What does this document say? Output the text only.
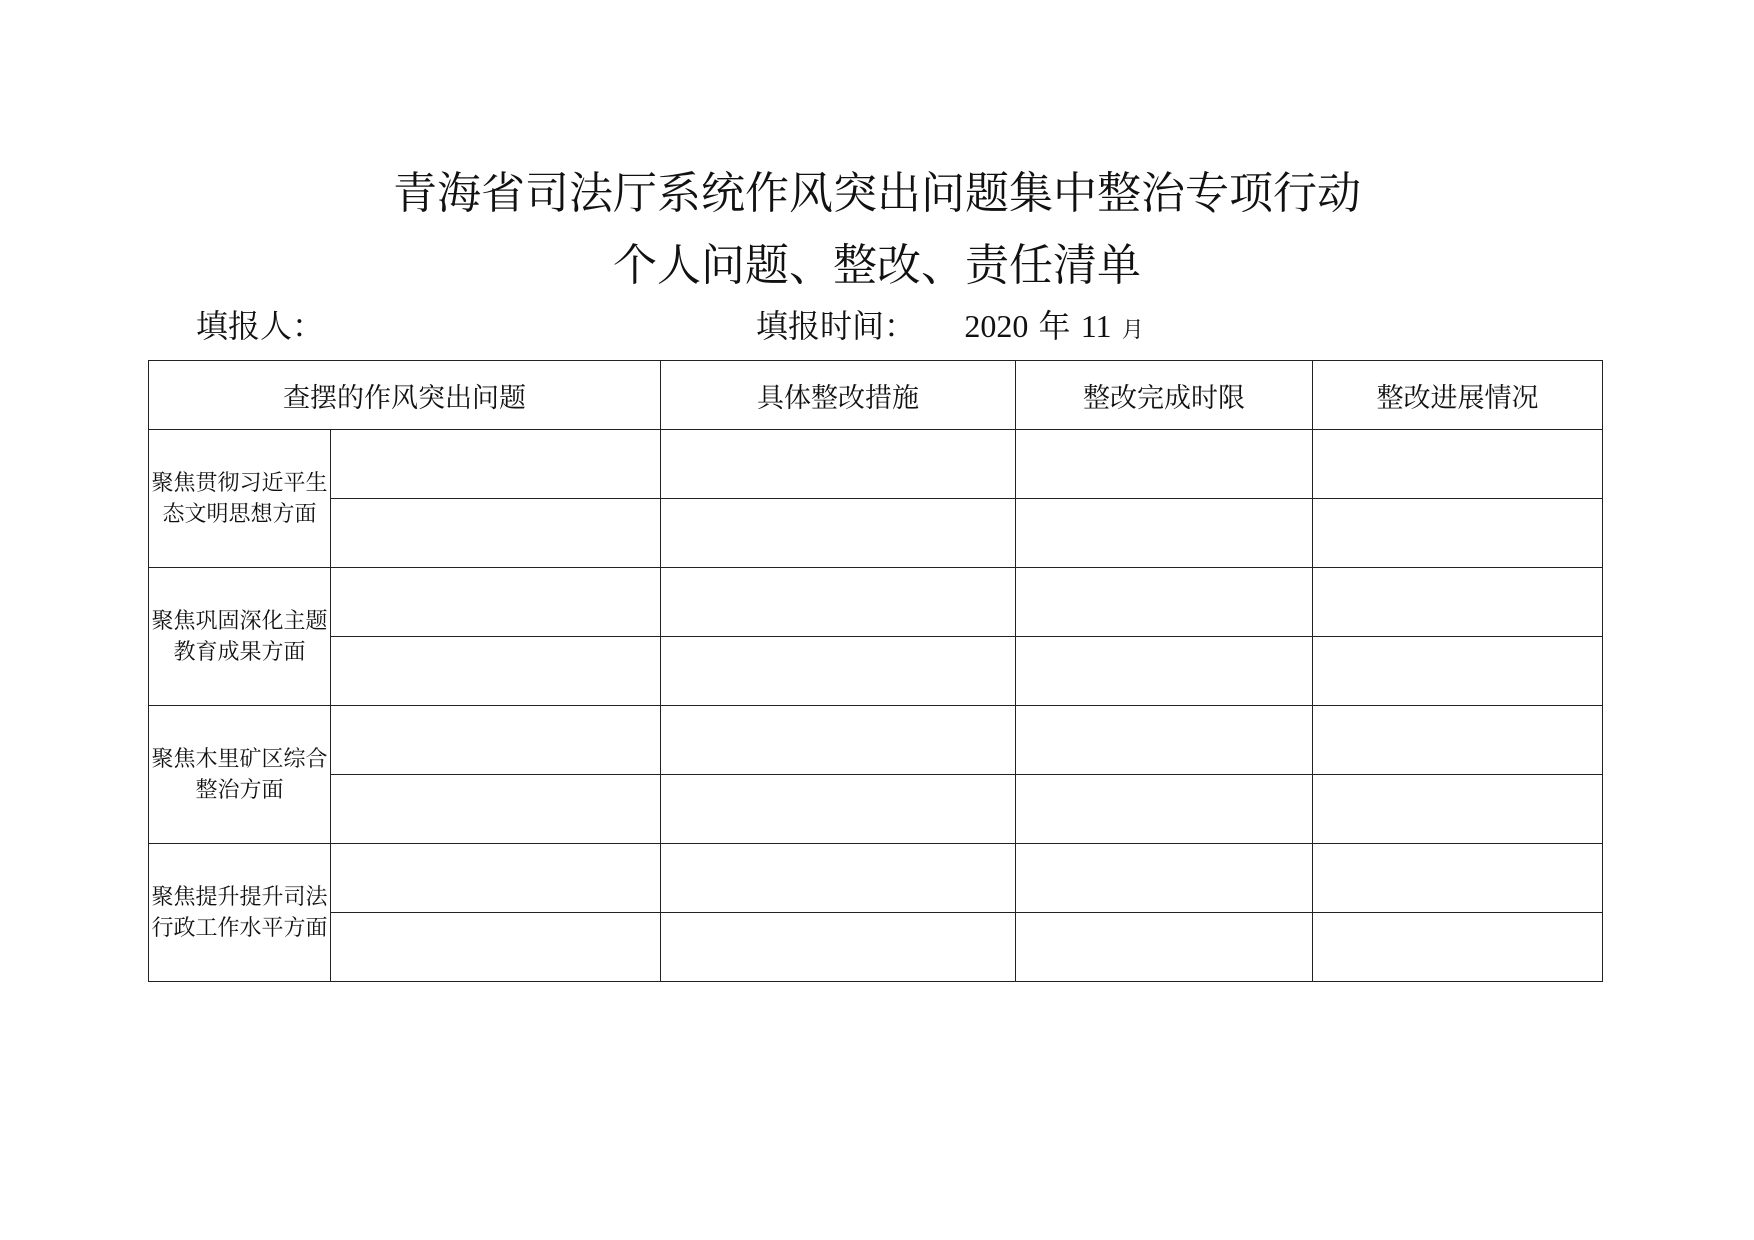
青海省司法厅系统作风突出问题集中整治专项行动
个人问题、整改、责任清单
填报人：	填报时间： 2020 年 11 月
查摆的作风突出问题		具体整改措施	整改完成时限	整改进展情况
聚焦贯彻习近平生态文明思想方面				

聚焦巩固深化主题教育成果方面				

聚焦木里矿区综合整治方面				

聚焦提升提升司法行政工作水平方面				
